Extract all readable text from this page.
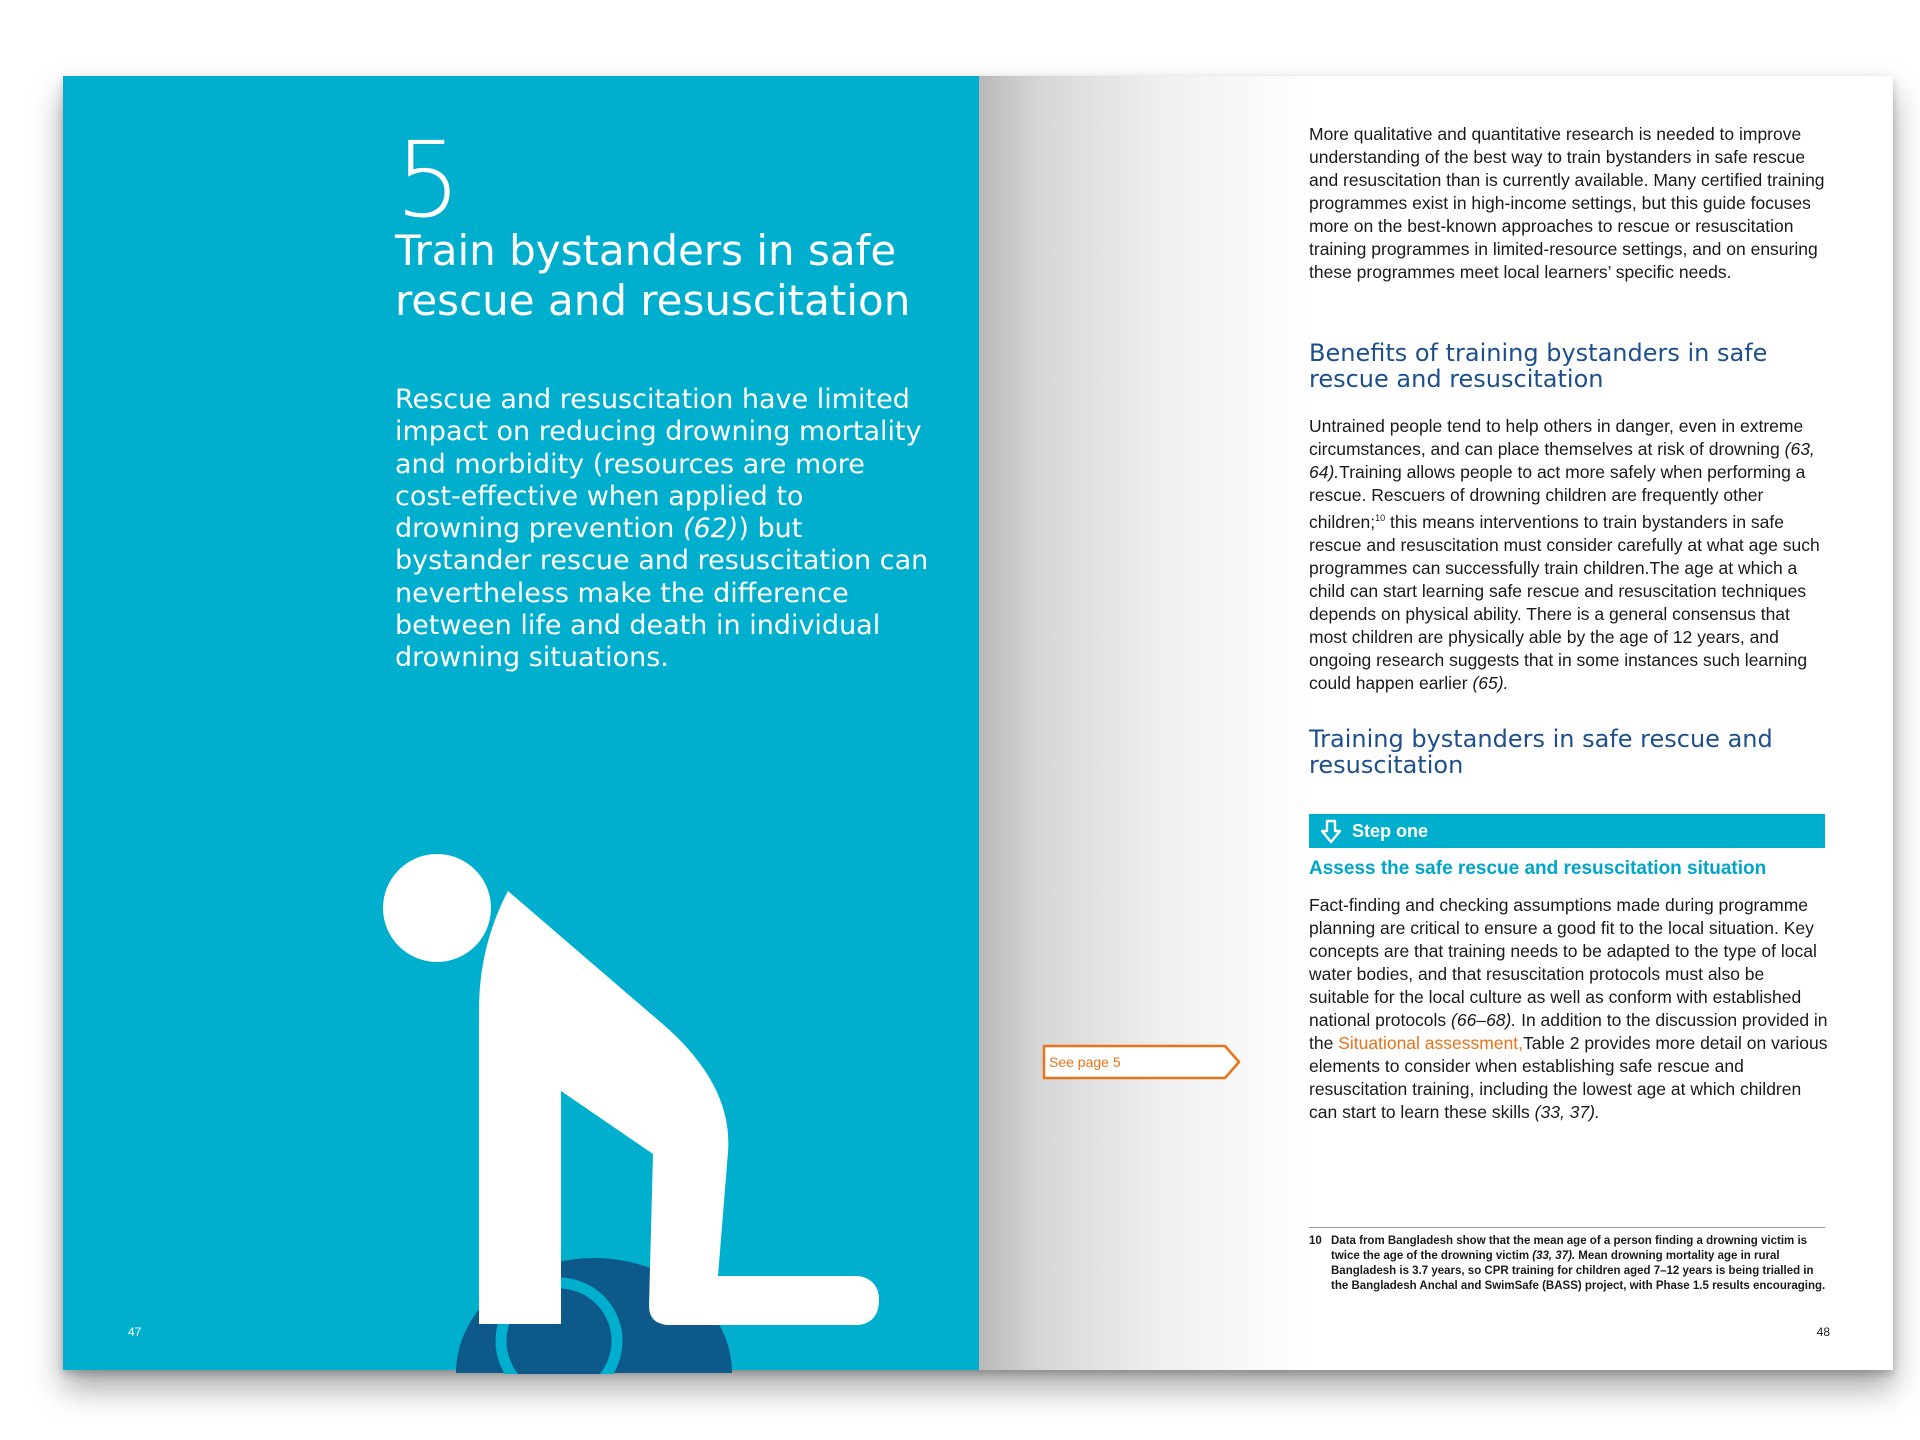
5
Train bystanders in safe rescue and resuscitation
Rescue and resuscitation have limited impact on reducing drowning mortality and morbidity (resources are more cost-effective when applied to drowning prevention (62)) but bystander rescue and resuscitation can nevertheless make the difference between life and death in individual drowning situations.
47
More qualitative and quantitative research is needed to improve understanding of the best way to train bystanders in safe rescue and resuscitation than is currently available. Many certified training programmes exist in high-income settings, but this guide focuses more on the best-known approaches to rescue or resuscitation training programmes in limited-resource settings, and on ensuring these programmes meet local learners’ specific needs.
Benefits of training bystanders in safe rescue and resuscitation
Untrained people tend to help others in danger, even in extreme circumstances, and can place themselves at risk of drowning (63, 64).Training allows people to act more safely when performing a rescue. Rescuers of drowning children are frequently other children;$^{10}$ this means interventions to train bystanders in safe rescue and resuscitation must consider carefully at what age such programmes can successfully train children.The age at which a child can start learning safe rescue and resuscitation techniques depends on physical ability. There is a general consensus that most children are physically able by the age of 12 years, and ongoing research suggests that in some instances such learning could happen earlier (65).
Training bystanders in safe rescue and resuscitation
Step one
Assess the safe rescue and resuscitation situation
Fact-finding and checking assumptions made during programme planning are critical to ensure a good fit to the local situation. Key concepts are that training needs to be adapted to the type of local water bodies, and that resuscitation protocols must also be suitable for the local culture as well as conform with established national protocols (66–68). In addition to the discussion provided in the Situational assessment,Table 2 provides more detail on various elements to consider when establishing safe rescue and resuscitation training, including the lowest age at which children can start to learn these skills (33, 37).
See page 5
10 Data from Bangladesh show that the mean age of a person finding a drowning victim is twice the age of the drowning victim (33, 37). Mean drowning mortality age in rural Bangladesh is 3.7 years, so CPR training for children aged 7–12 years is being trialled in the Bangladesh Anchal and SwimSafe (BASS) project, with Phase 1.5 results encouraging.
48
